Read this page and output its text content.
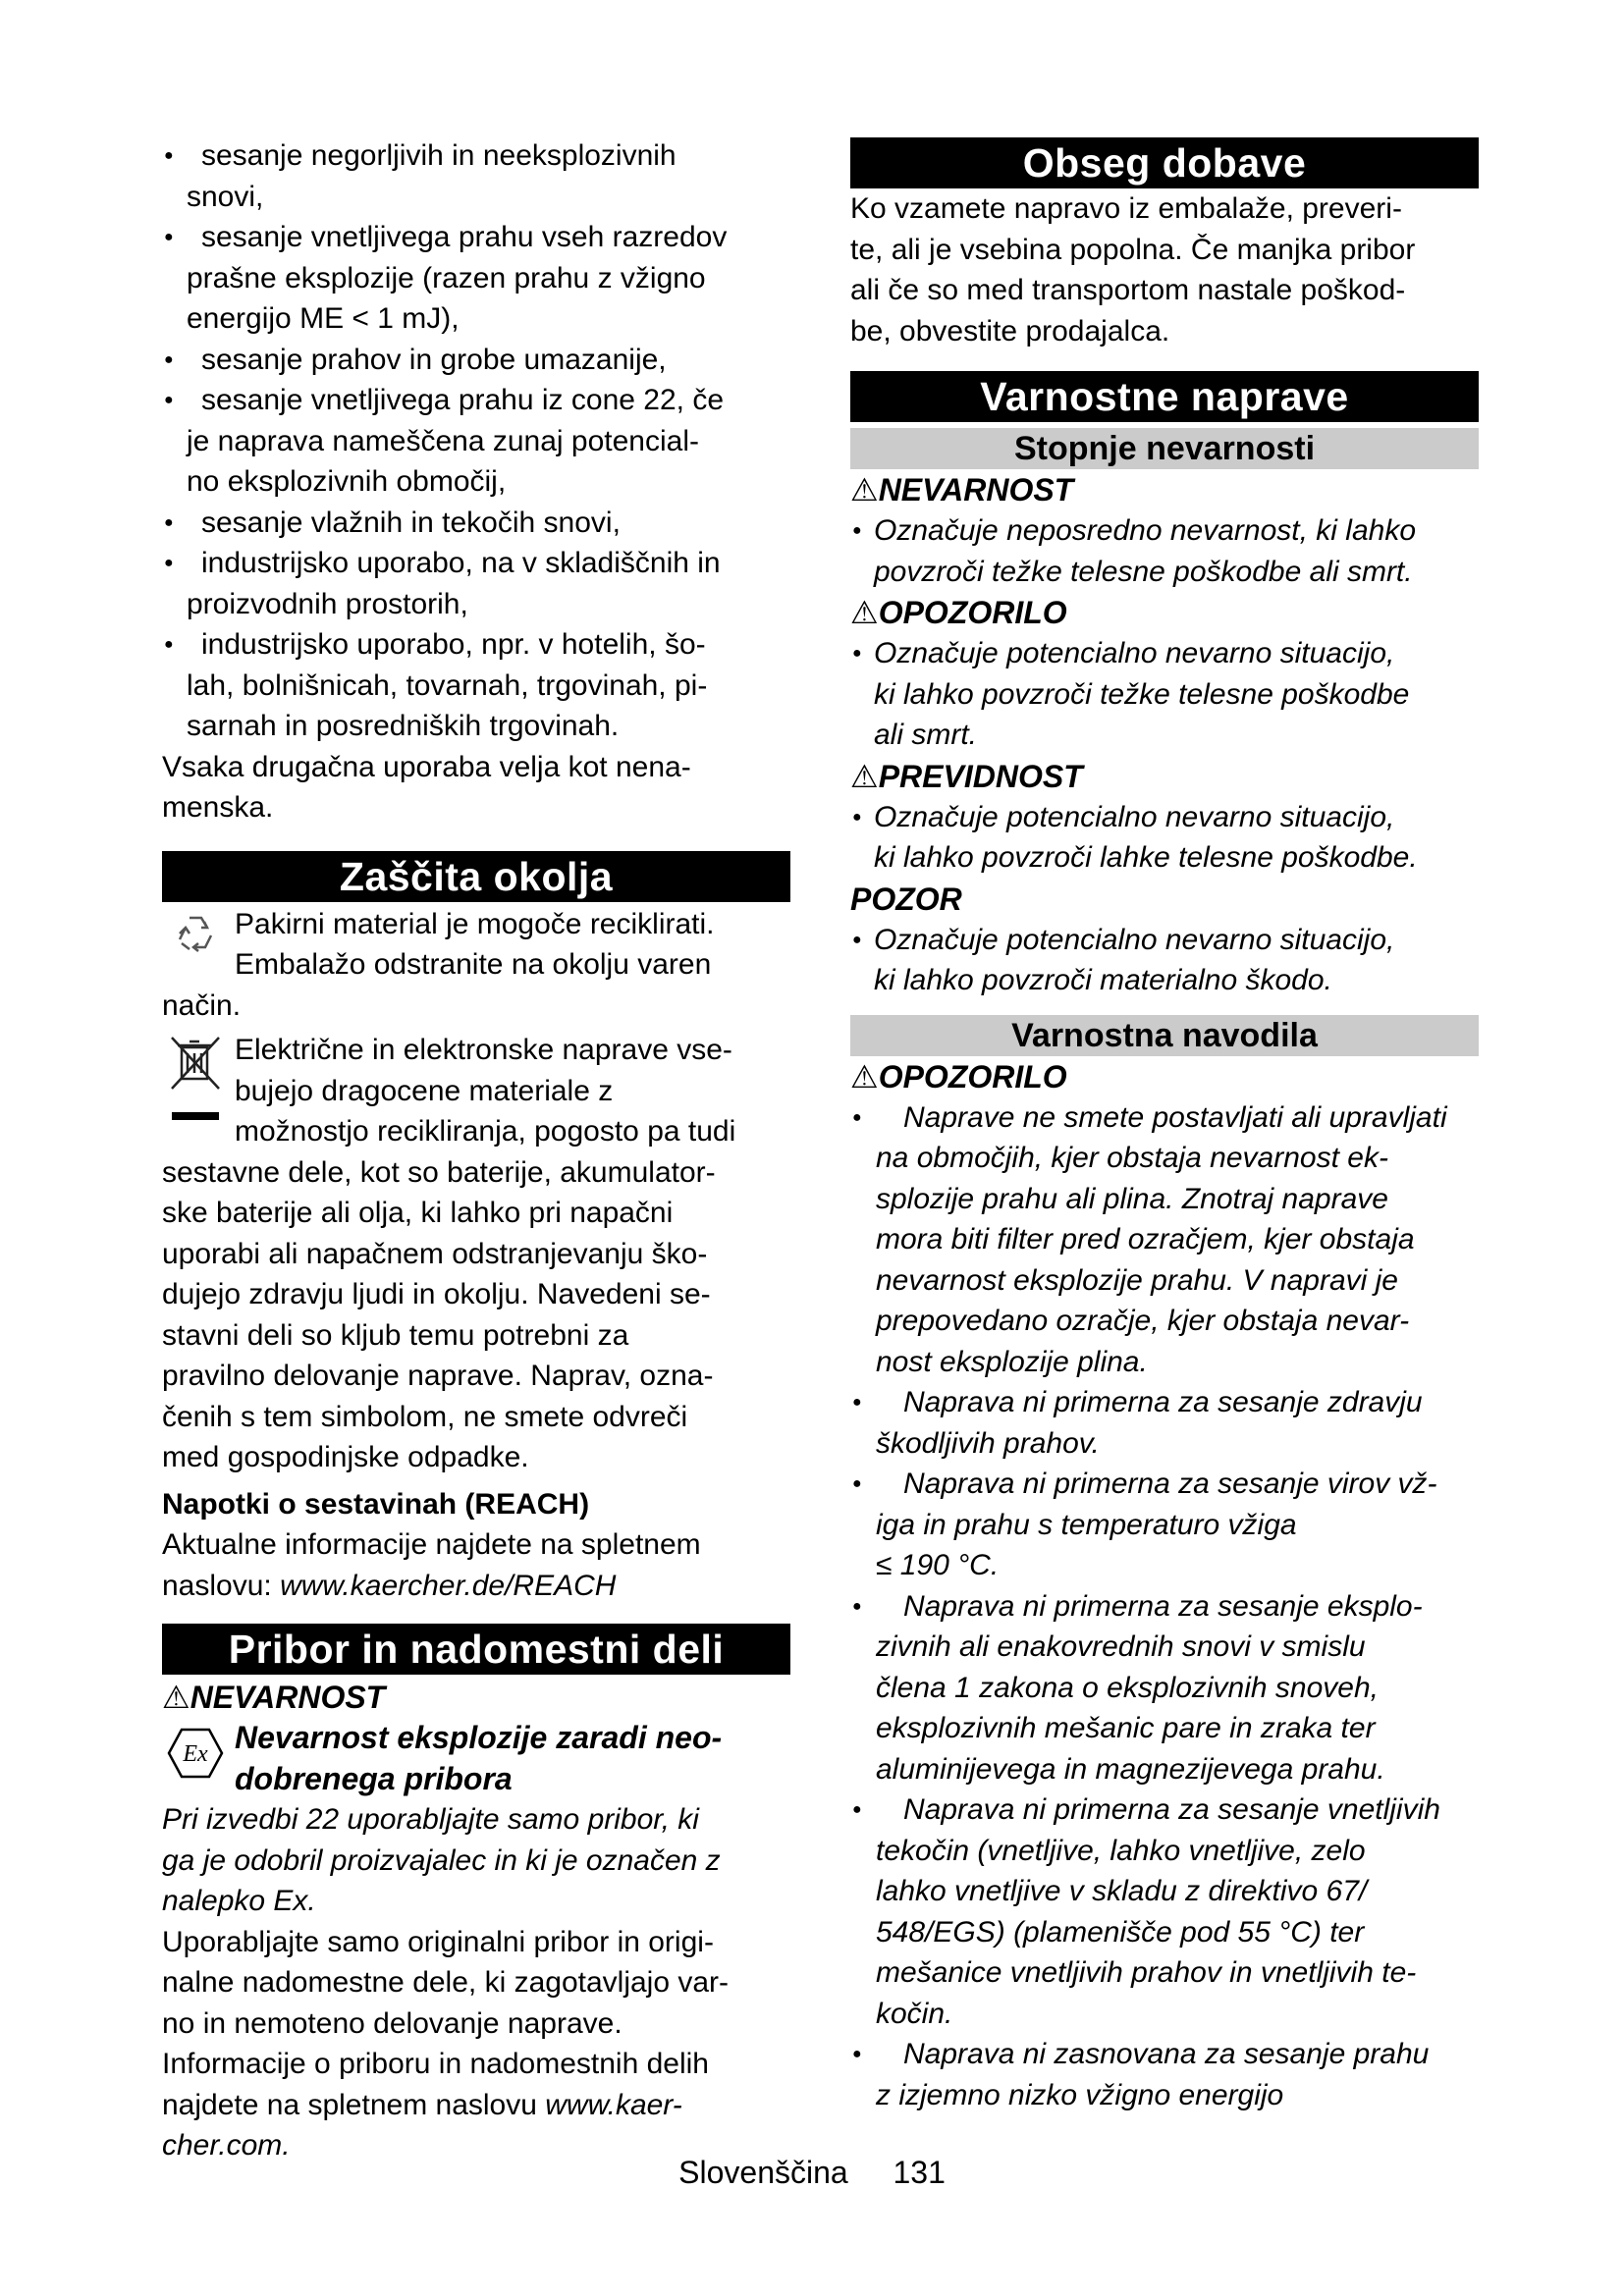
● sesanje negorljivih in neeksplozivnih
snovi,
● sesanje vnetljivega prahu vseh razredov
prašne eksplozije (razen prahu z vžigno
energijo ME < 1 mJ),
● sesanje prahov in grobe umazanije,
● sesanje vnetljivega prahu iz cone 22, če
je naprava nameščena zunaj potencial-
no eksplozivnih območij,
● sesanje vlažnih in tekočih snovi,
● industrijsko uporabo, na v skladiščnih in
proizvodnih prostorih,
● industrijsko uporabo, npr. v hotelih, šo-
lah, bolnišnicah, tovarnah, trgovinah, pi-
sarnah in posredniških trgovinah.

Vsaka drugačna uporaba velja kot nena-

menska.

Zaščita okolja

Pakirni material je mogoče reciklirati.

Embalažo odstranite na okolju varen

način.

Električne in elektronske naprave vse-

bujejo dragocene materiale z

možnostjo recikliranja, pogosto pa tudi

sestavne dele, kot so baterije, akumulator-

ske baterije ali olja, ki lahko pri napačni

uporabi ali napačnem odstranjevanju ško-

dujejo zdravju ljudi in okolju. Navedeni se-

stavni deli so kljub temu potrebni za

pravilno delovanje naprave. Naprav, ozna-

čenih s tem simbolom, ne smete odvreči

med gospodinjske odpadke.

Napotki o sestavinah (REACH)

Aktualne informacije najdete na spletnem

naslovu: www.kaercher.de/REACH

Pribor in nadomestni deli
⚠NEVARNOST
Ex Nevarnost eksplozije zaradi neo-

dobrenega pribora

Pri izvedbi 22 uporabljajte samo pribor, ki

ga je odobril proizvajalec in ki je označen z

nalepko Ex.

Uporabljajte samo originalni pribor in origi-

nalne nadomestne dele, ki zagotavljajo var-

no in nemoteno delovanje naprave.

Informacije o priboru in nadomestnih delih

najdete na spletnem naslovu www.kaer-

cher.com.

Obseg dobave

Ko vzamete napravo iz embalaže, preveri-

te, ali je vsebina popolna. Če manjka pribor

ali če so med transportom nastale poškod-

be, obvestite prodajalca.

Varnostne naprave
Stopnje nevarnosti
⚠NEVARNOST
● Označuje neposredno nevarnost, ki lahko
povzroči težke telesne poškodbe ali smrt.
⚠OPOZORILO
● Označuje potencialno nevarno situacijo,
ki lahko povzroči težke telesne poškodbe
ali smrt.
⚠PREVIDNOST
● Označuje potencialno nevarno situacijo,
ki lahko povzroči lahke telesne poškodbe.
POZOR
● Označuje potencialno nevarno situacijo,
ki lahko povzroči materialno škodo.
Varnostna navodila
⚠OPOZORILO
● Naprave ne smete postavljati ali upravljati
na območjih, kjer obstaja nevarnost ek-
splozije prahu ali plina. Znotraj naprave
mora biti filter pred ozračjem, kjer obstaja
nevarnost eksplozije prahu. V napravi je
prepovedano ozračje, kjer obstaja nevar-
nost eksplozije plina.
● Naprava ni primerna za sesanje zdravju
škodljivih prahov.
● Naprava ni primerna za sesanje virov vž-
iga in prahu s temperaturo vžiga
≤ 190 °C.
● Naprava ni primerna za sesanje eksplo-
zivnih ali enakovrednih snovi v smislu
člena 1 zakona o eksplozivnih snoveh,
eksplozivnih mešanic pare in zraka ter
aluminijevega in magnezijevega prahu.
● Naprava ni primerna za sesanje vnetljivih
tekočin (vnetljive, lahko vnetljive, zelo
lahko vnetljive v skladu z direktivo 67/
548/EGS) (plamenišče pod 55 °C) ter
mešanice vnetljivih prahov in vnetljivih te-
kočin.
● Naprava ni zasnovana za sesanje prahu
z izjemno nizko vžigno energijo
Slovenščina 131
